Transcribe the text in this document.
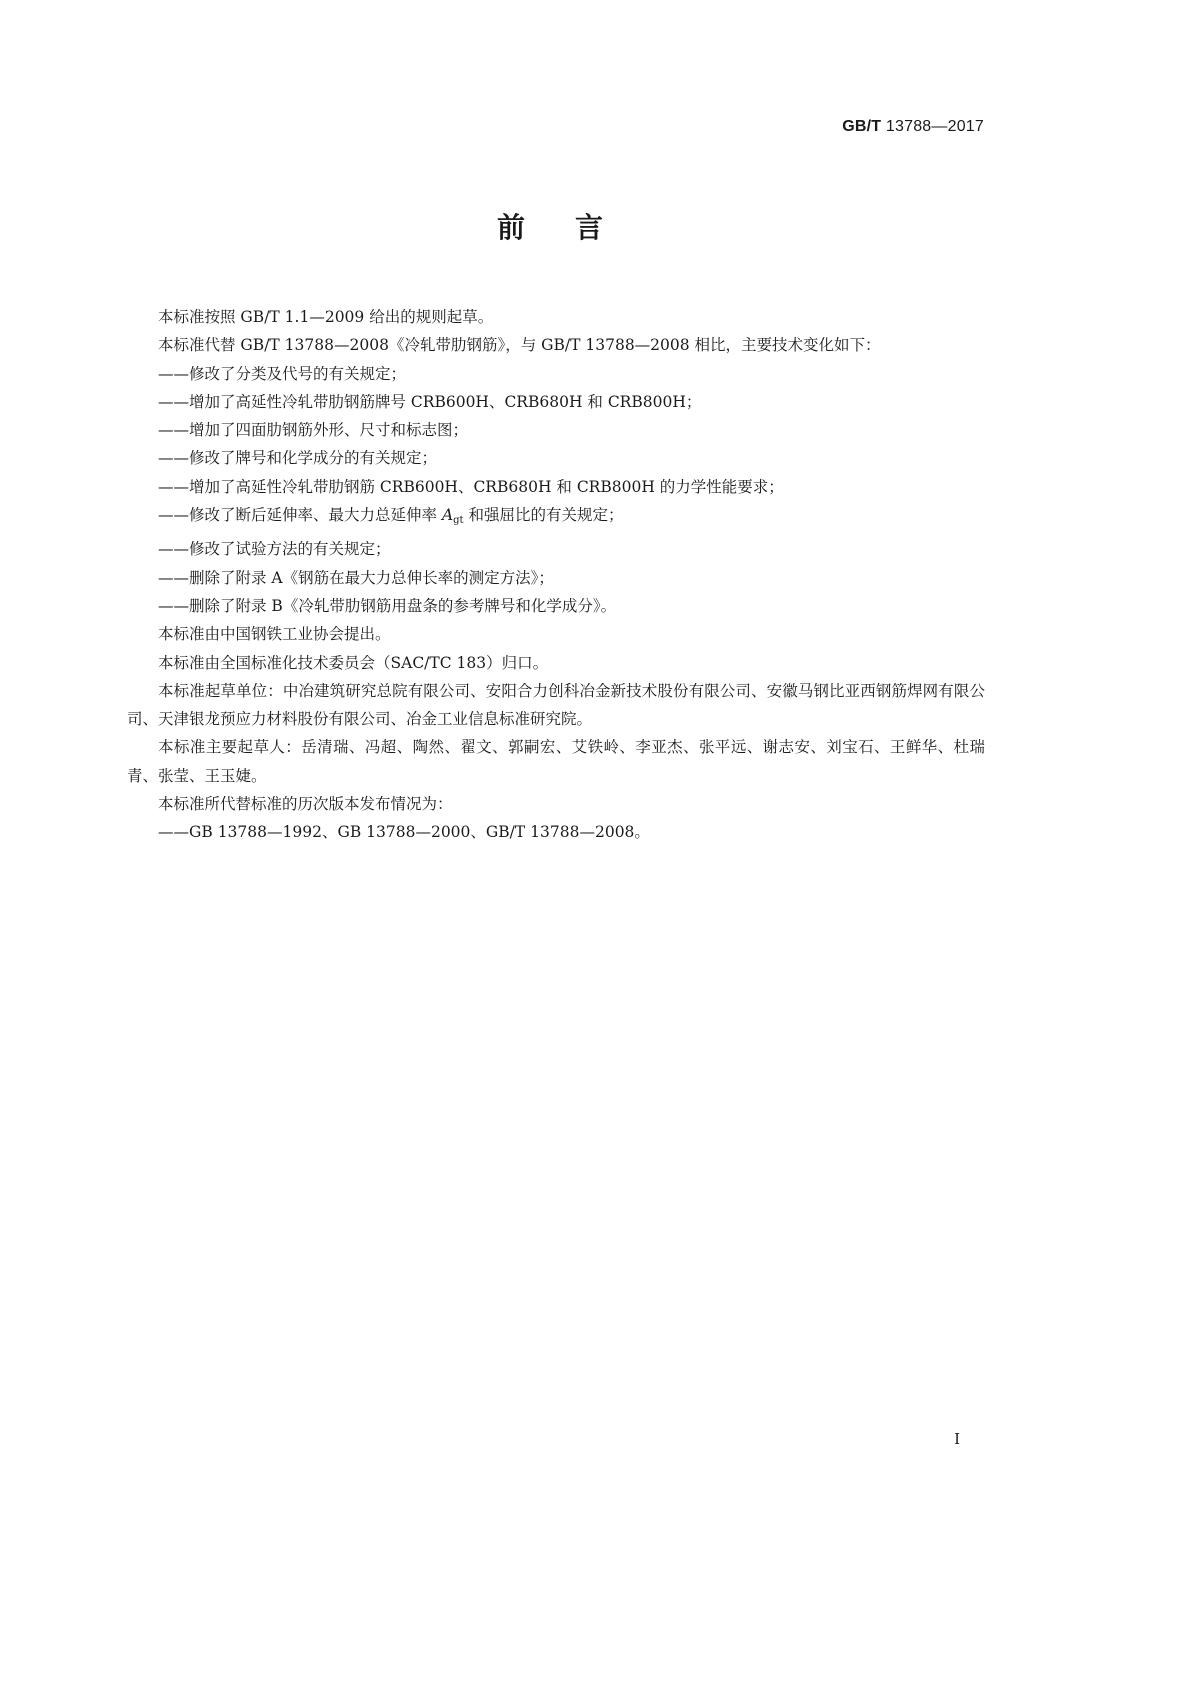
GB/T 13788—2017
前言

本标准按照 GB/T 1.1—2009 给出的规则起草。

本标准代替 GB/T 13788—2008《冷轧带肋钢筋》，与 GB/T 13788—2008 相比，主要技术变化如下：

——修改了分类及代号的有关规定；

——增加了高延性冷轧带肋钢筋牌号 CRB600H、CRB680H 和 CRB800H；

——增加了四面肋钢筋外形、尺寸和标志图；

——修改了牌号和化学成分的有关规定；

——增加了高延性冷轧带肋钢筋 CRB600H、CRB680H 和 CRB800H 的力学性能要求；

——修改了断后延伸率、最大力总延伸率 $A_{gt}$ 和强屈比的有关规定；

——修改了试验方法的有关规定；

——删除了附录 A《钢筋在最大力总伸长率的测定方法》；

——删除了附录 B《冷轧带肋钢筋用盘条的参考牌号和化学成分》。

本标准由中国钢铁工业协会提出。

本标准由全国标准化技术委员会（SAC/TC 183）归口。

本标准起草单位：中冶建筑研究总院有限公司、安阳合力创科冶金新技术股份有限公司、安徽马钢比亚西钢筋焊网有限公司、天津银龙预应力材料股份有限公司、冶金工业信息标准研究院。

本标准主要起草人：岳清瑞、冯超、陶然、翟文、郭嗣宏、艾铁岭、李亚杰、张平远、谢志安、刘宝石、王鲜华、杜瑞青、张莹、王玉婕。

本标准所代替标准的历次版本发布情况为：

——GB 13788—1992、GB 13788—2000、GB/T 13788—2008。

I
